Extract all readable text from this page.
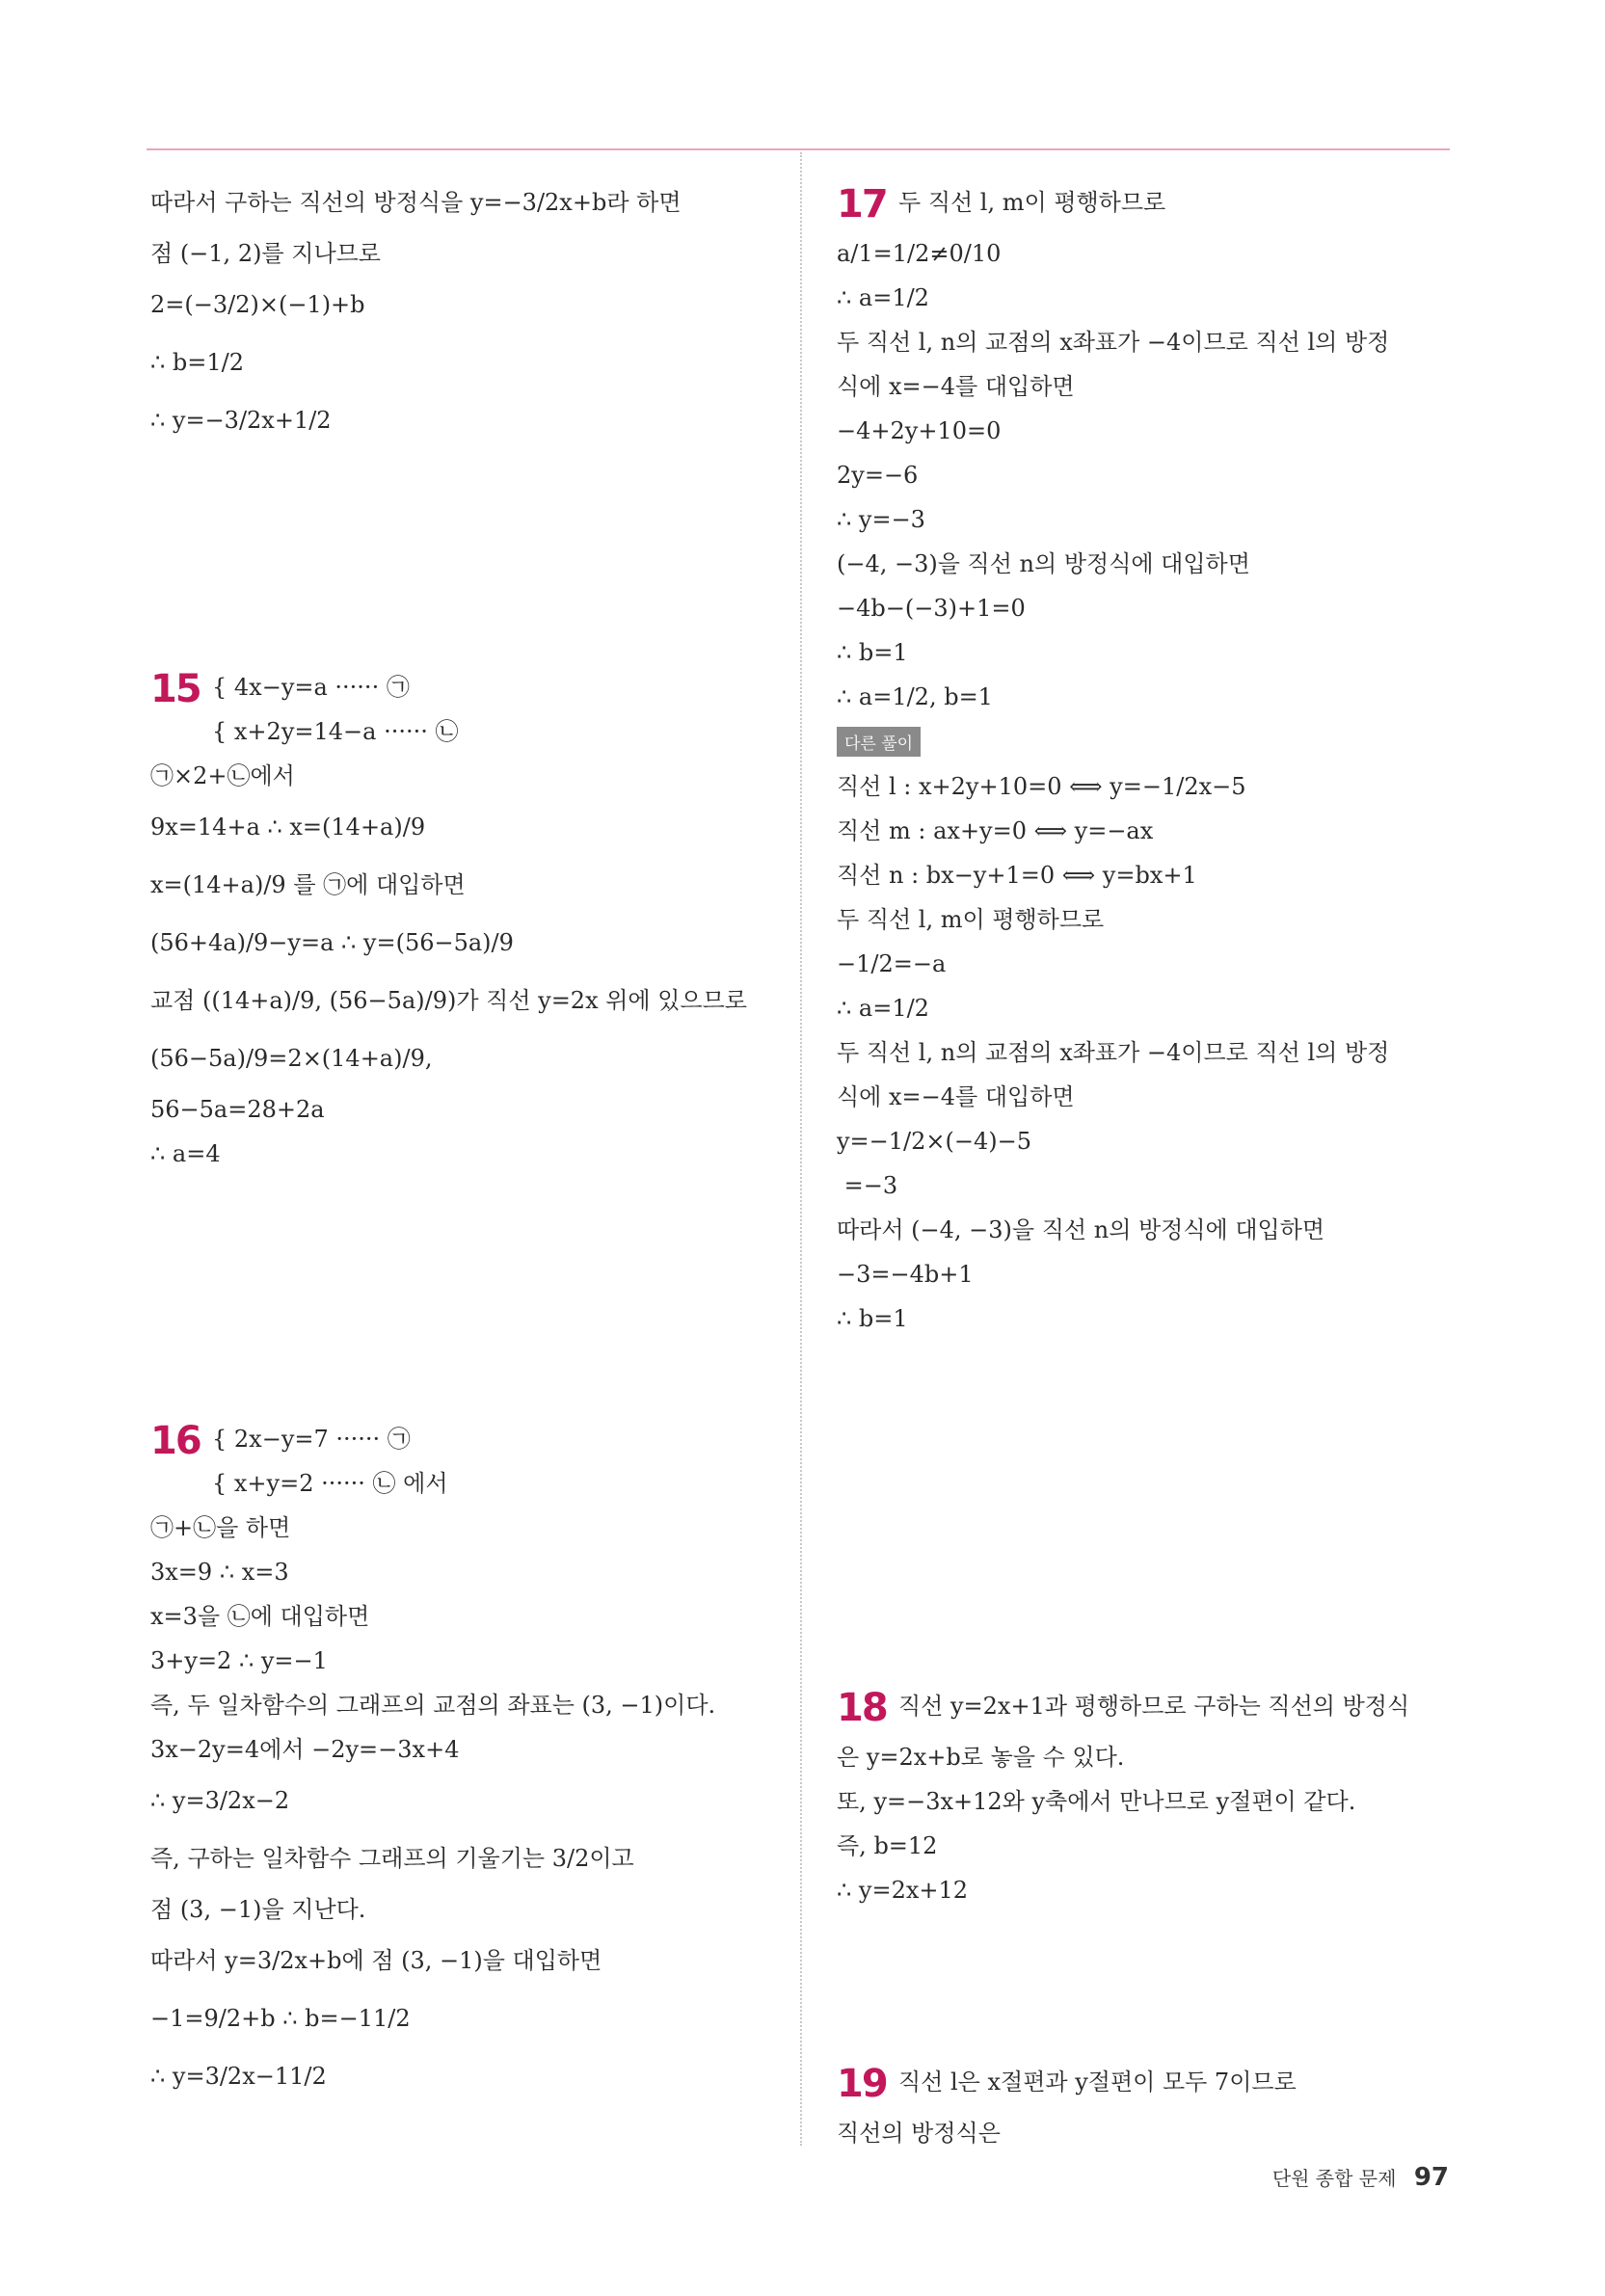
따라서 구하는 직선의 방정식을 y=−3/2x+b라 하면
점 (−1, 2)를 지나므로
2=(−3/2)×(−1)+b
∴ b=1/2
∴ y=−3/2x+1/2
15 { 4x−y=a ······ ㉠
{ x+2y=14−a ······ ㉡
㉠×2+㉡에서
9x=14+a ∴ x=(14+a)/9
x=(14+a)/9 를 ㉠에 대입하면
(56+4a)/9−y=a ∴ y=(56−5a)/9
교점 ((14+a)/9, (56−5a)/9)가 직선 y=2x 위에 있으므로
(56−5a)/9=2×(14+a)/9,
56−5a=28+2a
∴ a=4
16 { 2x−y=7 ······ ㉠
{ x+y=2 ······ ㉡ 에서
㉠+㉡을 하면
3x=9 ∴ x=3
x=3을 ㉡에 대입하면
3+y=2 ∴ y=−1
즉, 두 일차함수의 그래프의 교점의 좌표는 (3, −1)이다.
3x−2y=4에서 −2y=−3x+4
∴ y=3/2x−2
즉, 구하는 일차함수 그래프의 기울기는 3/2이고
점 (3, −1)을 지난다.
따라서 y=3/2x+b에 점 (3, −1)을 대입하면
−1=9/2+b ∴ b=−11/2
∴ y=3/2x−11/2
17 두 직선 l, m이 평행하므로
a/1=1/2≠0/10
∴ a=1/2
두 직선 l, n의 교점의 x좌표가 −4이므로 직선 l의 방정
식에 x=−4를 대입하면
−4+2y+10=0
2y=−6
∴ y=−3
(−4, −3)을 직선 n의 방정식에 대입하면
−4b−(−3)+1=0
∴ b=1
∴ a=1/2, b=1
다른 풀이
직선 l : x+2y+10=0 ⟺ y=−1/2x−5
직선 m : ax+y=0 ⟺ y=−ax
직선 n : bx−y+1=0 ⟺ y=bx+1
두 직선 l, m이 평행하므로
−1/2=−a
∴ a=1/2
두 직선 l, n의 교점의 x좌표가 −4이므로 직선 l의 방정
식에 x=−4를 대입하면
y=−1/2×(−4)−5
=−3
따라서 (−4, −3)을 직선 n의 방정식에 대입하면
−3=−4b+1
∴ b=1
18 직선 y=2x+1과 평행하므로 구하는 직선의 방정식
은 y=2x+b로 놓을 수 있다.
또, y=−3x+12와 y축에서 만나므로 y절편이 같다.
즉, b=12
∴ y=2x+12
19 직선 l은 x절편과 y절편이 모두 7이므로
직선의 방정식은
단원 종합 문제 97
